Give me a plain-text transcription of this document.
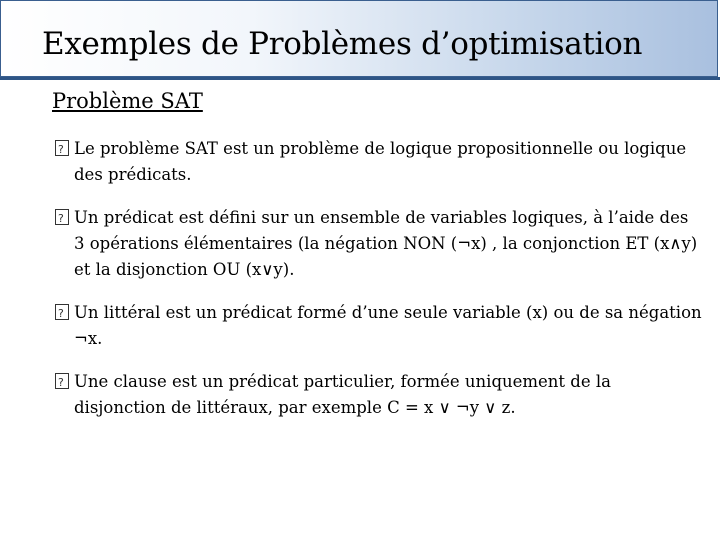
Exemples de Problèmes d’optimisation
Problème SAT
?
Le problème SAT est un problème de logique propositionnelle ou logique des prédicats.
?
Un prédicat est défini sur un ensemble de variables logiques, à l’aide des 3 opérations élémentaires (la négation NON (¬x) , la conjonction ET (x∧y) et la disjonction OU (x∨y).
?
Un littéral est un prédicat formé d’une seule variable (x) ou de sa négation ¬x.
?
Une clause est un prédicat particulier, formée uniquement de la disjonction de littéraux, par exemple C = x ∨ ¬y ∨ z.
